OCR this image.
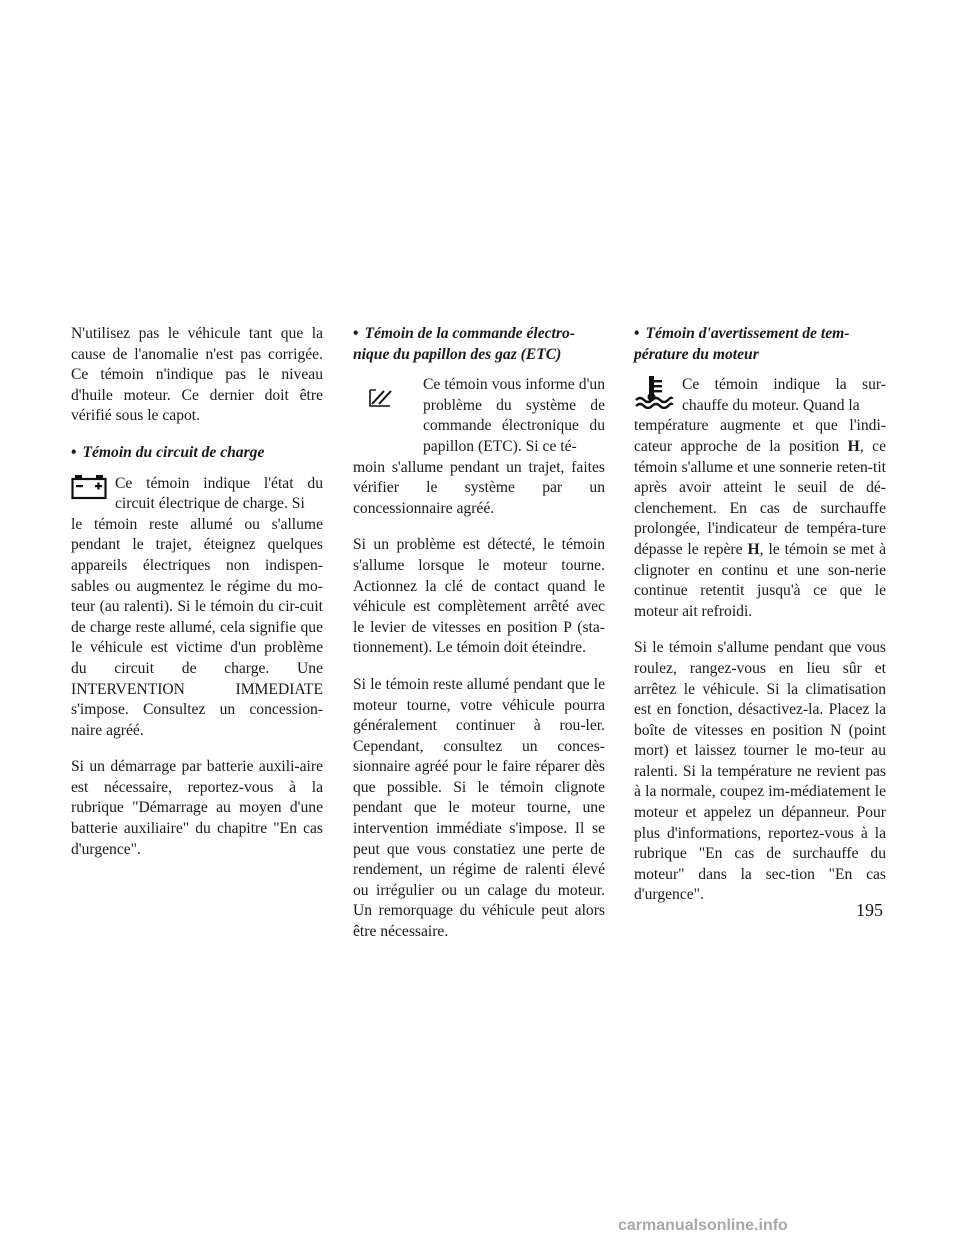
N'utilisez pas le véhicule tant que la cause de l'anomalie n'est pas corrigée. Ce témoin n'indique pas le niveau d'huile moteur. Ce dernier doit être vérifié sous le capot.

• Témoin du circuit de charge
Ce témoin indique l'état du circuit électrique de charge. Si

le témoin reste allumé ou s'allume pendant le trajet, éteignez quelques appareils électriques non indispen-sables ou augmentez le régime du mo-teur (au ralenti). Si le témoin du cir-cuit de charge reste allumé, cela signifie que le véhicule est victime d'un problème du circuit de charge. Une INTERVENTION IMMEDIATE s'impose. Consultez un concession-naire agréé.

Si un démarrage par batterie auxili-aire est nécessaire, reportez-vous à la rubrique "Démarrage au moyen d'une batterie auxiliaire" du chapitre "En cas d'urgence".

• Témoin de la commande électro-nique du papillon des gaz (ETC)
Ce témoin vous informe d'un problème du système de commande électronique du papillon (ETC). Si ce té-

moin s'allume pendant un trajet, faites vérifier le système par un concessionnaire agréé.

Si un problème est détecté, le témoin s'allume lorsque le moteur tourne. Actionnez la clé de contact quand le véhicule est complètement arrêté avec le levier de vitesses en position P (sta-tionnement). Le témoin doit éteindre.

Si le témoin reste allumé pendant que le moteur tourne, votre véhicule pourra généralement continuer à rou-ler. Cependant, consultez un conces-sionnaire agréé pour le faire réparer dès que possible. Si le témoin clignote pendant que le moteur tourne, une intervention immédiate s'impose. Il se peut que vous constatiez une perte de rendement, un régime de ralenti élevé ou irrégulier ou un calage du moteur. Un remorquage du véhicule peut alors être nécessaire.

• Témoin d'avertissement de tem-pérature du moteur
Ce témoin indique la sur-chauffe du moteur. Quand la

température augmente et que l'indi-cateur approche de la position H, ce témoin s'allume et une sonnerie reten-tit après avoir atteint le seuil de dé-clenchement. En cas de surchauffe prolongée, l'indicateur de tempéra-ture dépasse le repère H, le témoin se met à clignoter en continu et une son-nerie continue retentit jusqu'à ce que le moteur ait refroidi.

Si le témoin s'allume pendant que vous roulez, rangez-vous en lieu sûr et arrêtez le véhicule. Si la climatisation est en fonction, désactivez-la. Placez la boîte de vitesses en position N (point mort) et laissez tourner le mo-teur au ralenti. Si la température ne revient pas à la normale, coupez im-médiatement le moteur et appelez un dépanneur. Pour plus d'informations, reportez-vous à la rubrique "En cas de surchauffe du moteur" dans la sec-tion "En cas d'urgence".

195
carmanualsonline.info
